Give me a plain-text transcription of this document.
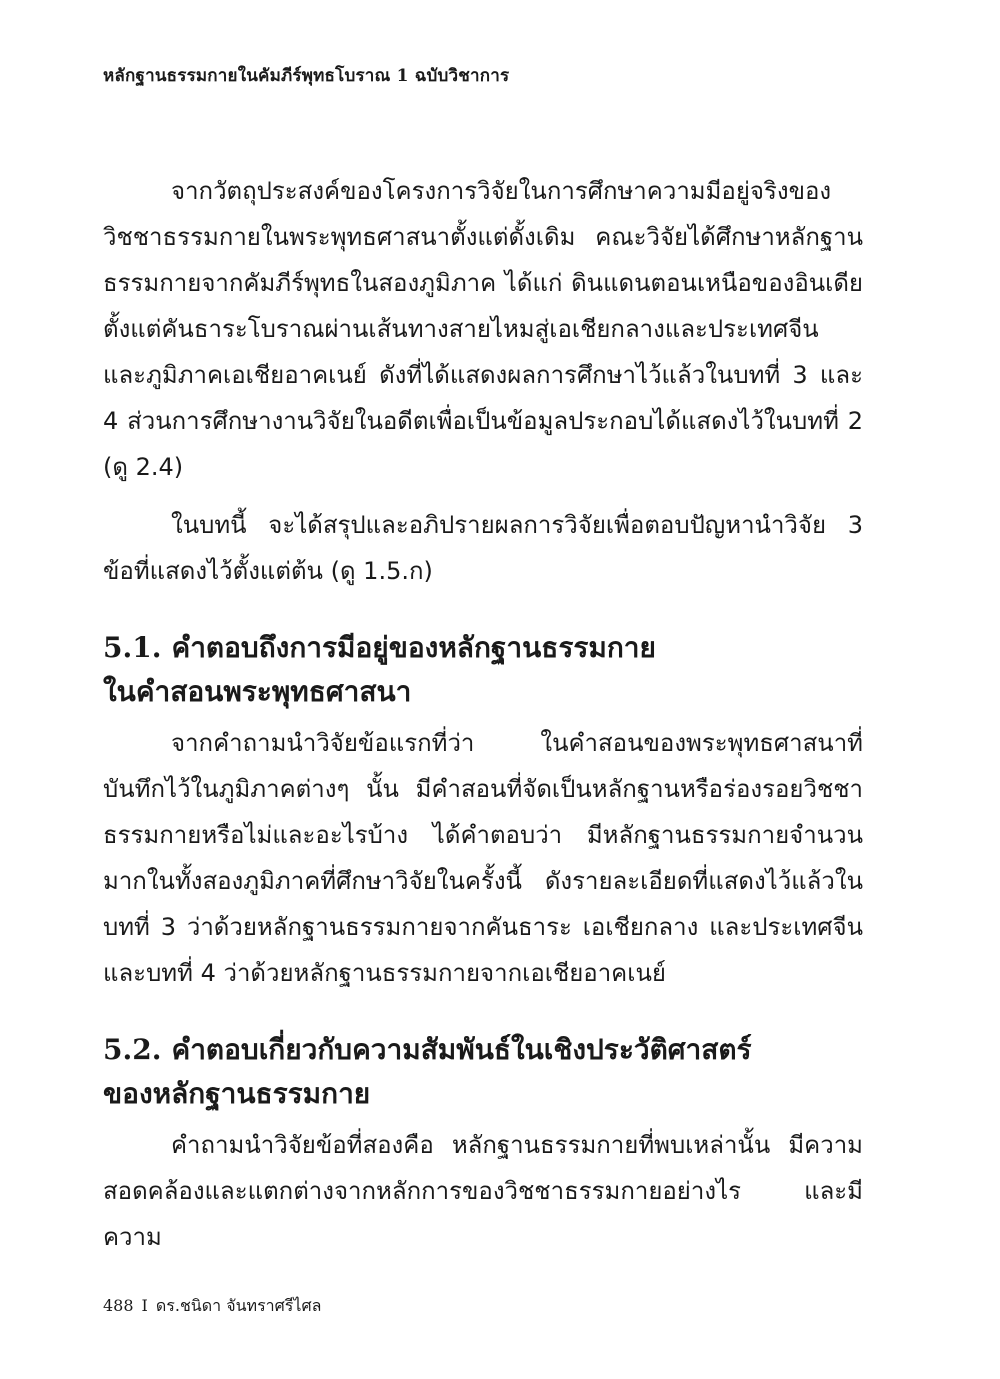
หลักฐานธรรมกายในคัมภีร์พุทธโบราณ 1 ฉบับวิชาการ

จากวัตถุประสงค์ของโครงการวิจัยในการศึกษาความมีอยู่จริงของวิชชาธรรมกายในพระพุทธศาสนาตั้งแต่ดั้งเดิม คณะวิจัยได้ศึกษาหลักฐานธรรมกายจากคัมภีร์พุทธในสองภูมิภาค ได้แก่ ดินแดนตอนเหนือของอินเดีย ตั้งแต่คันธาระโบราณผ่านเส้นทางสายไหมสู่เอเชียกลางและประเทศจีน และภูมิภาคเอเชียอาคเนย์ ดังที่ได้แสดงผลการศึกษาไว้แล้วในบทที่ 3 และ 4 ส่วนการศึกษางานวิจัยในอดีตเพื่อเป็นข้อมูลประกอบได้แสดงไว้ในบทที่ 2 (ดู 2.4)

ในบทนี้ จะได้สรุปและอภิปรายผลการวิจัยเพื่อตอบปัญหานำวิจัย 3 ข้อที่แสดงไว้ตั้งแต่ต้น (ดู 1.5.ก)

5.1. คำตอบถึงการมีอยู่ของหลักฐานธรรมกาย
ในคำสอนพระพุทธศาสนา

จากคำถามนำวิจัยข้อแรกที่ว่า ในคำสอนของพระพุทธศาสนาที่บันทึกไว้ในภูมิภาคต่างๆ นั้น มีคำสอนที่จัดเป็นหลักฐานหรือร่องรอยวิชชาธรรมกายหรือไม่และอะไรบ้าง ได้คำตอบว่า มีหลักฐานธรรมกายจำนวนมากในทั้งสองภูมิภาคที่ศึกษาวิจัยในครั้งนี้ ดังรายละเอียดที่แสดงไว้แล้วในบทที่ 3 ว่าด้วยหลักฐานธรรมกายจากคันธาระ เอเชียกลาง และประเทศจีน และบทที่ 4 ว่าด้วยหลักฐานธรรมกายจากเอเชียอาคเนย์

5.2. คำตอบเกี่ยวกับความสัมพันธ์ในเชิงประวัติศาสตร์
ของหลักฐานธรรมกาย

คำถามนำวิจัยข้อที่สองคือ หลักฐานธรรมกายที่พบเหล่านั้น มีความสอดคล้องและแตกต่างจากหลักการของวิชชาธรรมกายอย่างไร และมีความ

488 I ดร.ชนิดา จันทราศรีไศล
